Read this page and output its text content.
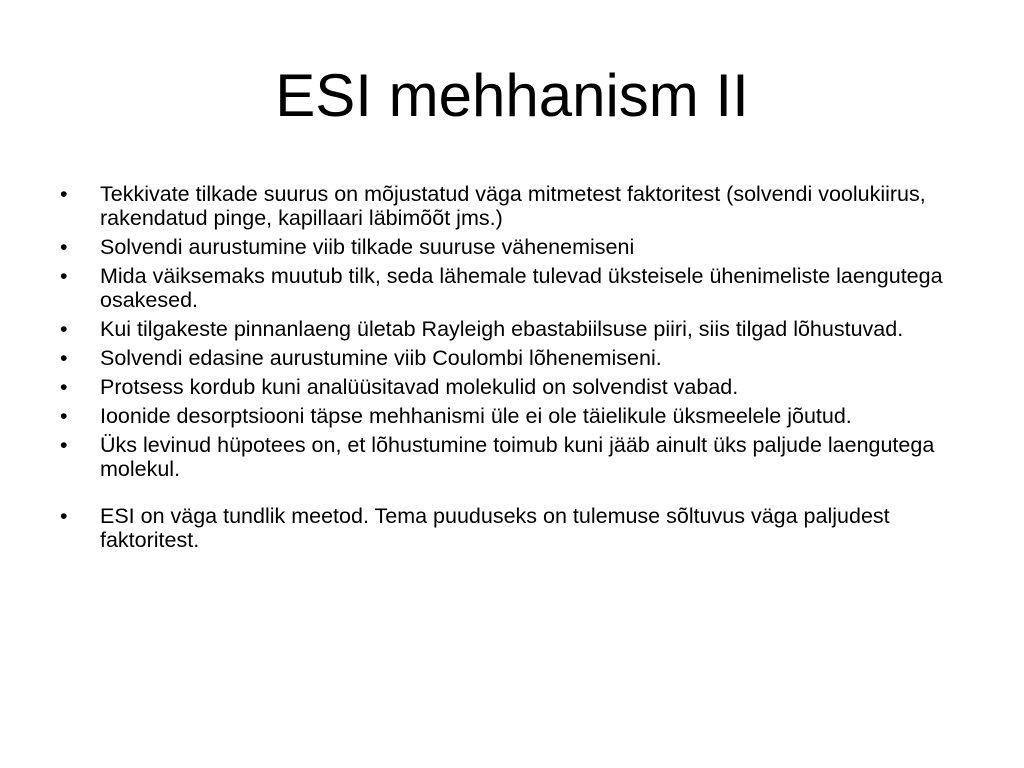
ESI mehhanism II
•	Tekkivate tilkade suurus on mõjustatud väga mitmetest faktoritest (solvendi voolukiirus, rakendatud pinge, kapillaari läbimõõt jms.)
•	Solvendi aurustumine viib tilkade suuruse vähenemiseni
•	Mida väiksemaks muutub tilk, seda lähemale tulevad üksteisele ühenimeliste laengutega osakesed.
•	Kui tilgakeste pinnanlaeng ületab Rayleigh ebastabiilsuse piiri, siis tilgad lõhustuvad.
•	Solvendi edasine aurustumine viib Coulombi lõhenemiseni.
•	Protsess kordub kuni analüüsitavad molekulid on solvendist vabad.
•	Ioonide desorptsiooni täpse mehhanismi üle ei ole täielikule üksmeelele jõutud.
•	Üks levinud hüpotees on, et lõhustumine toimub kuni jääb ainult üks paljude laengutega molekul.
•	ESI on väga tundlik meetod. Tema puuduseks on tulemuse sõltuvus väga paljudest faktoritest.
